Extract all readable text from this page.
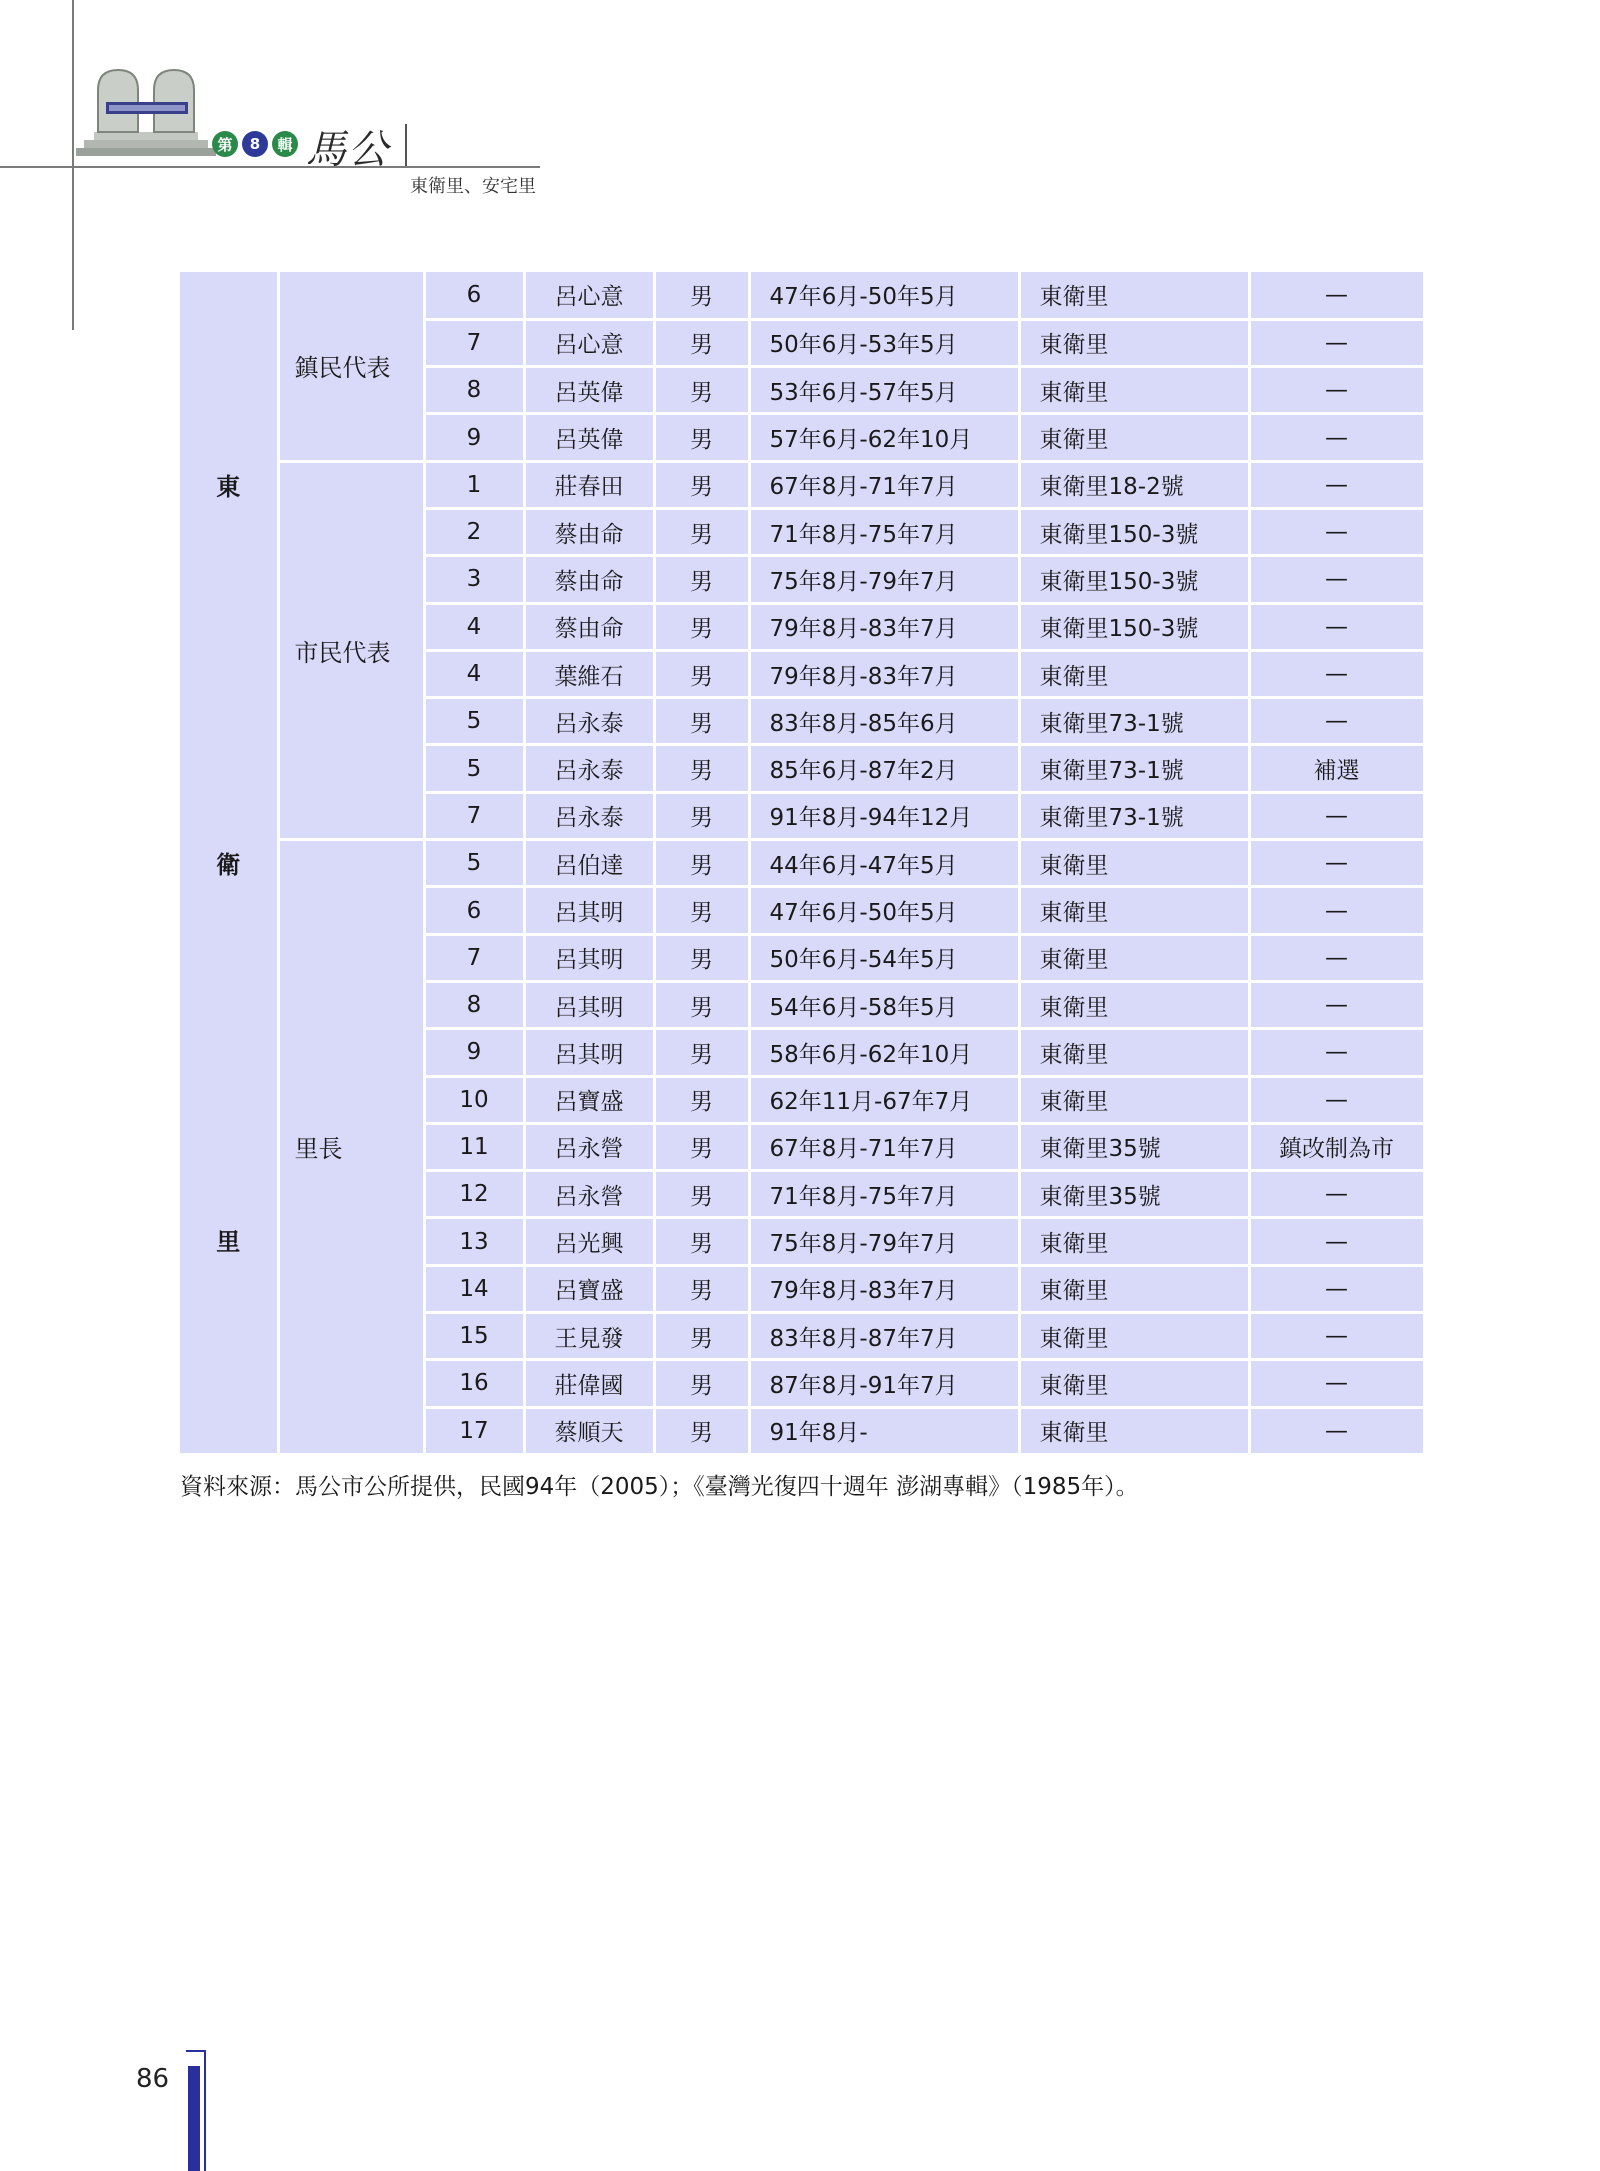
第	8	輯 馬公
東衛里、安宅里
東
衛
里	鎮民代表	6	呂心意	男	47年6月-50年5月	東衛里	—
		7	呂心意	男	50年6月-53年5月	東衛里	—
		8	呂英偉	男	53年6月-57年5月	東衛里	—
		9	呂英偉	男	57年6月-62年10月	東衛里	—
	市民代表	1	莊春田	男	67年8月-71年7月	東衛里18-2號	—
		2	蔡由命	男	71年8月-75年7月	東衛里150-3號	—
		3	蔡由命	男	75年8月-79年7月	東衛里150-3號	—
		4	蔡由命	男	79年8月-83年7月	東衛里150-3號	—
		4	葉維石	男	79年8月-83年7月	東衛里	—
		5	呂永泰	男	83年8月-85年6月	東衛里73-1號	—
		5	呂永泰	男	85年6月-87年2月	東衛里73-1號	補選
		7	呂永泰	男	91年8月-94年12月	東衛里73-1號	—
	里長	5	呂伯達	男	44年6月-47年5月	東衛里	—
		6	呂其明	男	47年6月-50年5月	東衛里	—
		7	呂其明	男	50年6月-54年5月	東衛里	—
		8	呂其明	男	54年6月-58年5月	東衛里	—
		9	呂其明	男	58年6月-62年10月	東衛里	—
		10	呂寶盛	男	62年11月-67年7月	東衛里	—
		11	呂永營	男	67年8月-71年7月	東衛里35號	鎮改制為市
		12	呂永營	男	71年8月-75年7月	東衛里35號	—
		13	呂光興	男	75年8月-79年7月	東衛里	—
		14	呂寶盛	男	79年8月-83年7月	東衛里	—
		15	王見發	男	83年8月-87年7月	東衛里	—
		16	莊偉國	男	87年8月-91年7月	東衛里	—
		17	蔡順天	男	91年8月-	東衛里	—
資料來源：馬公市公所提供，民國94年（2005）；《臺灣光復四十週年 澎湖專輯》（1985年）。
86
